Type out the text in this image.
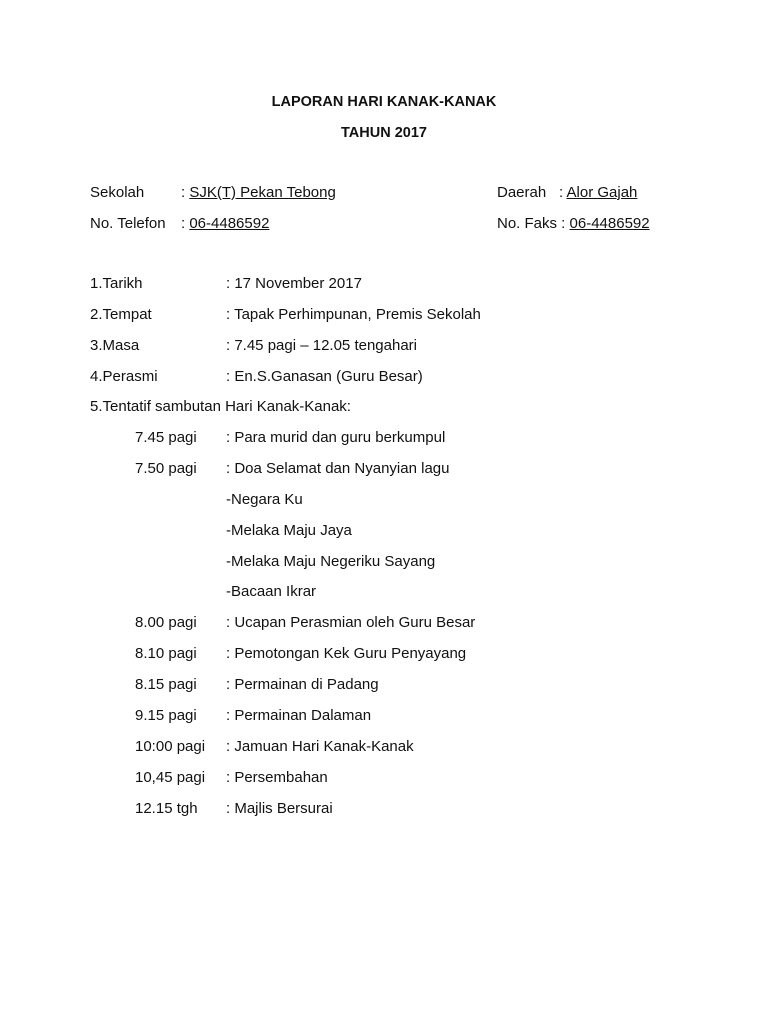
LAPORAN HARI KANAK-KANAK
TAHUN 2017
Sekolah : SJK(T) Pekan Tebong	Daerah : Alor Gajah
No. Telefon : 06-4486592	No. Faks : 06-4486592
1.Tarikh	: 17 November 2017
2.Tempat	: Tapak Perhimpunan, Premis Sekolah
3.Masa	: 7.45 pagi – 12.05 tengahari
4.Perasmi	: En.S.Ganasan (Guru Besar)
5.Tentatif sambutan Hari Kanak-Kanak:
7.45 pagi : Para murid dan guru berkumpul
7.50 pagi : Doa Selamat dan Nyanyian lagu
-Negara Ku
-Melaka Maju Jaya
-Melaka Maju Negeriku Sayang
-Bacaan Ikrar
8.00 pagi : Ucapan Perasmian oleh Guru Besar
8.10 pagi : Pemotongan Kek Guru Penyayang
8.15 pagi : Permainan di Padang
9.15 pagi : Permainan Dalaman
10:00 pagi : Jamuan Hari Kanak-Kanak
10,45 pagi : Persembahan
12.15 tgh : Majlis Bersurai
